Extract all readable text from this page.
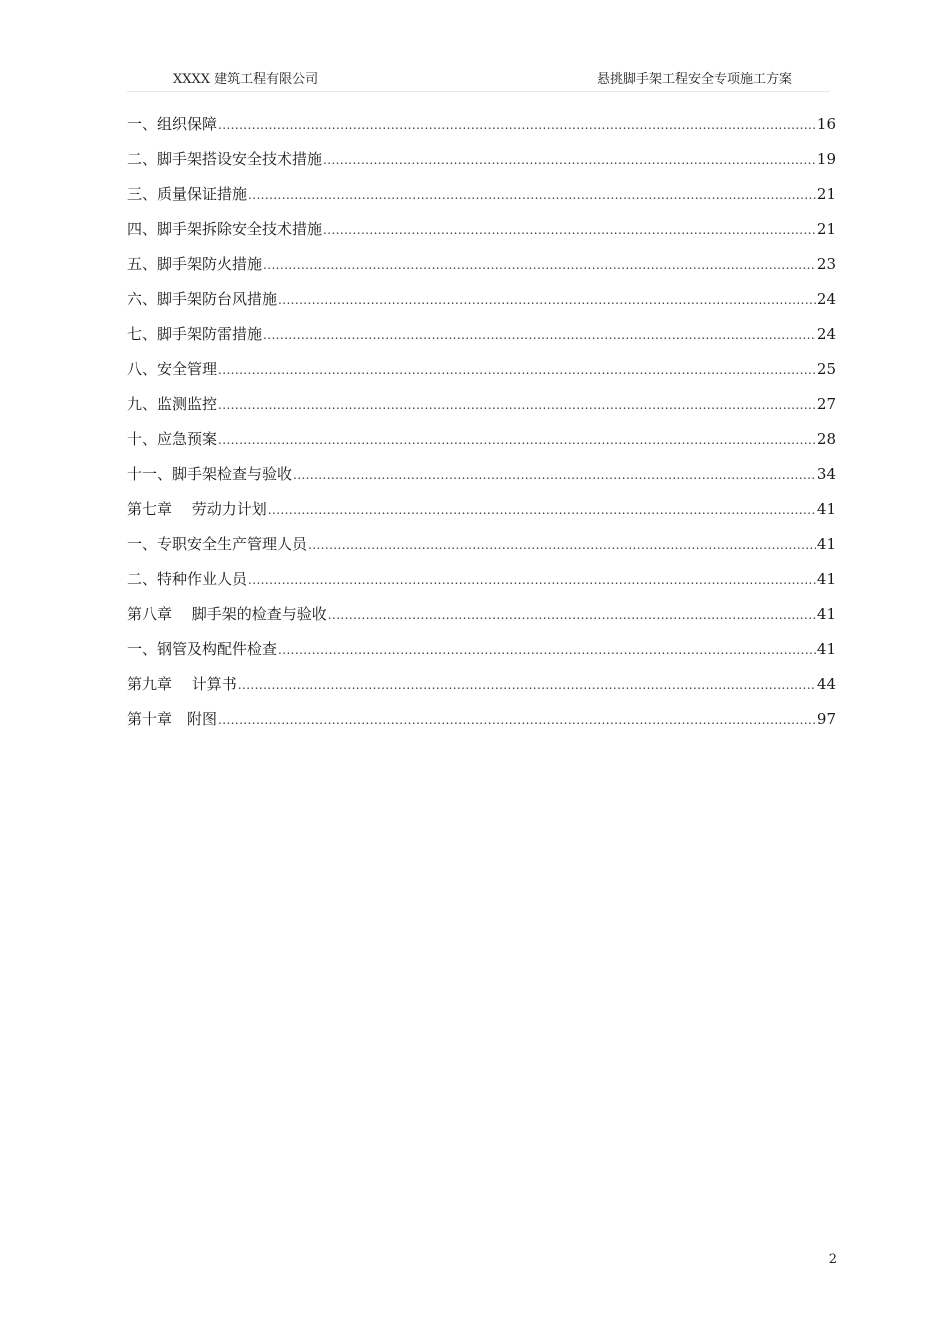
XXXX 建筑工程有限公司	悬挑脚手架工程安全专项施工方案
一、组织保障 .....	16
二、脚手架搭设安全技术措施 .....	19
三、质量保证措施 .....	21
四、脚手架拆除安全技术措施 .....	21
五、脚手架防火措施 .....	23
六、脚手架防台风措施 .....	24
七、脚手架防雷措施 .....	24
八、安全管理 .....	25
九、监测监控 .....	27
十、应急预案 .....	28
十一、脚手架检查与验收 .....	34
第七章　 劳动力计划 .....	41
一、专职安全生产管理人员 .....	41
二、特种作业人员 .....	41
第八章　 脚手架的检查与验收 .....	41
一、钢管及构配件检查 .....	41
第九章　 计算书 .....	44
第十章　附图 .....	97
2
